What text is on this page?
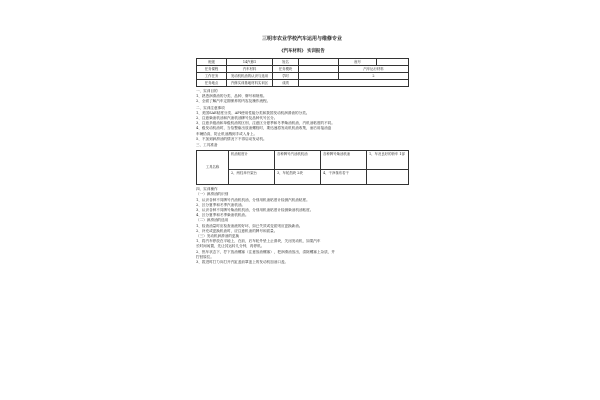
三明市农业学校汽车运用与维修专业
《汽车材料》 实训报告
班级	14汽修1	姓名		座号	
任务课程	汽车材料	任务模块		汽车运行材料	
工作任务	发动机机油的认识与选用	学时		2	
任务地点	汽修实训基地材料实训区	成绩			
一、实训目的
1、熟悉润滑油的分类、品种、牌号和规格。
2、全面了解汽车定期保养的内容及操作流程。
二、实训注意事项
1、美国SAE粘度分类、API使用性能分类和我国发动机润滑油的分类。
2、注意柴油机油和汽油机油牌号及品种代号区分。
3、注意多级油和单级机油的区别，注意区分夏季和冬季柴油机油，汽机油粘度的不同。
4、级发动机油时，当恰整驱出放油螺栓时，要迅速将发动机机油收集，而后用接油盘
车辆拾高，防止机油溅到手或入身上。
5、不加到润滑油的情况下不得启动发动机。
三、工具准备
工具名称	机油粘度计	各种牌号汽油机机油	各种牌号柴油机油	1、车况良好的轿车 1部
	2、两柱举升架台	3、车轮挡块 2块	4、干净抹布若干	
四、实训操作
（一）润滑油的识别
1、认识各种不同牌号汽油机机油，分别用机油粘度计检测汽机油粘度。
2、区分夏季和冬季汽油机油。
3、认识各种不同牌号柴油机机油，分别用机油粘度计检测柴油机油粘度。
4、区分夏季和冬季柴油机机油。
（二）润滑油的选用
1、检查油量时应检查油液的好坏，如已失效或变质则应更换新油。
2、补充或更换机油时，应注意机油的牌号和质量。
（三）发动机润滑油的更换
1、将汽车停放在平地上，在前，后车轮外垫上止滑块，关闭发动机，如果汽车
长时间闲置，先让其运转几分钟，再停机。
2、热车状态下，拧下放油螺塞（注意放油螺塞），把润滑油放出，清除螺塞上杂质，并
拧回原位。
3、拔进时打力向打开汽缸盖前罩盖上的发动机加油口盖。
